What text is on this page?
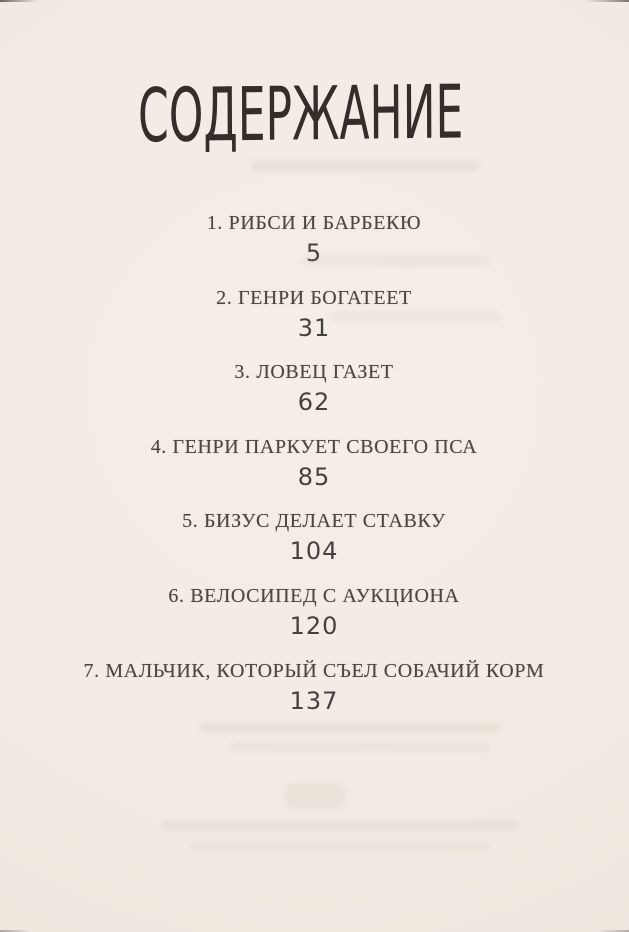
СОДЕРЖАНИЕ
1. РИБСИ И БАРБЕКЮ
5
2. ГЕНРИ БОГАТЕЕТ
31
3. ЛОВЕЦ ГАЗЕТ
62
4. ГЕНРИ ПАРКУЕТ СВОЕГО ПСА
85
5. БИЗУС ДЕЛАЕТ СТАВКУ
104
6. ВЕЛОСИПЕД С АУКЦИОНА
120
7. МАЛЬЧИК, КОТОРЫЙ СЪЕЛ СОБАЧИЙ КОРМ
137
